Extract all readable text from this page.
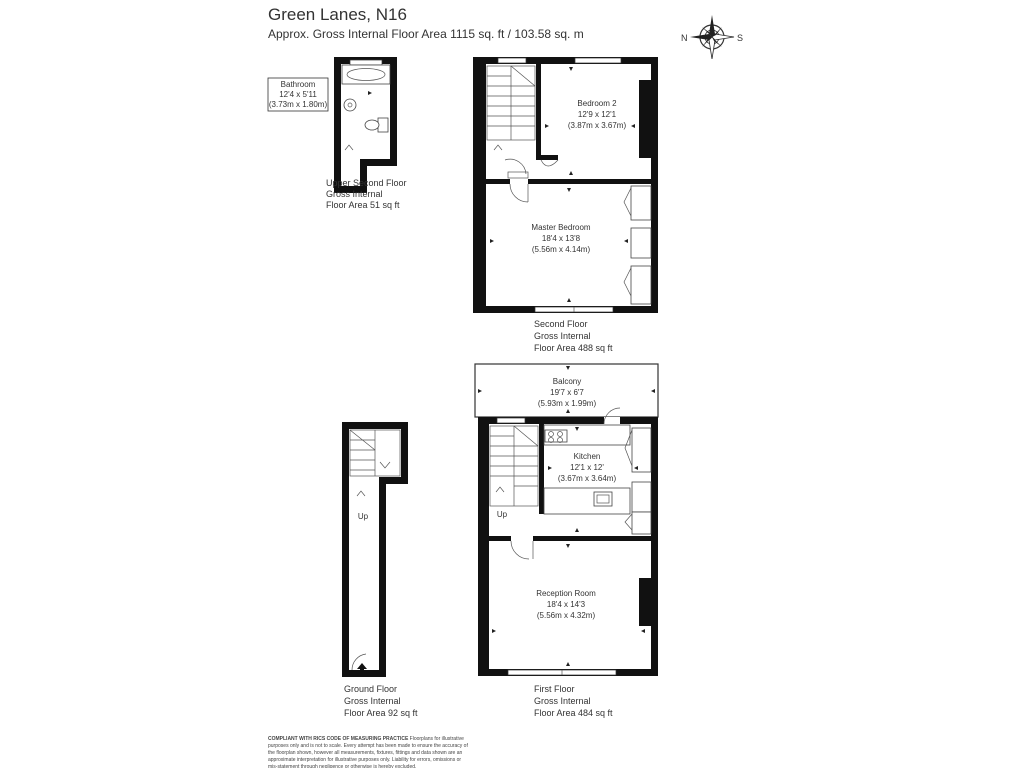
Green Lanes, N16
Approx. Gross Internal Floor Area 1115 sq. ft / 103.58 sq. m	N	S
Bathroom
12'4 x 5'11
(3.73m x 1.80m)
Upper Second Floor
Gross Internal
Floor Area 51 sq ft
Bedroom 2
12'9 x 12'1
(3.87m x 3.67m)
Master Bedroom
18'4 x 13'8
(5.56m x 4.14m)
Second Floor
Gross Internal
Floor Area 488 sq ft
Balcony
19'7 x 6'7
(5.93m x 1.99m)
Kitchen
12'1 x 12'
(3.67m x 3.64m)
Up
Reception Room
18'4 x 14'3
(5.56m x 4.32m)
First Floor
Gross Internal
Floor Area 484 sq ft
Up
Ground Floor
Gross Internal
Floor Area 92 sq ft
COMPLIANT WITH RICS CODE OF MEASURING PRACTICE Floorplans for illustrative
purposes only and is not to scale. Every attempt has been made to ensure the accuracy of
the floorplan shown, however all measurements, fixtures, fittings and data shown are an
approximate interpretation for illustrative purposes only. Liability for errors, omissions or
mis-statement through negligence or otherwise is hereby excluded.
